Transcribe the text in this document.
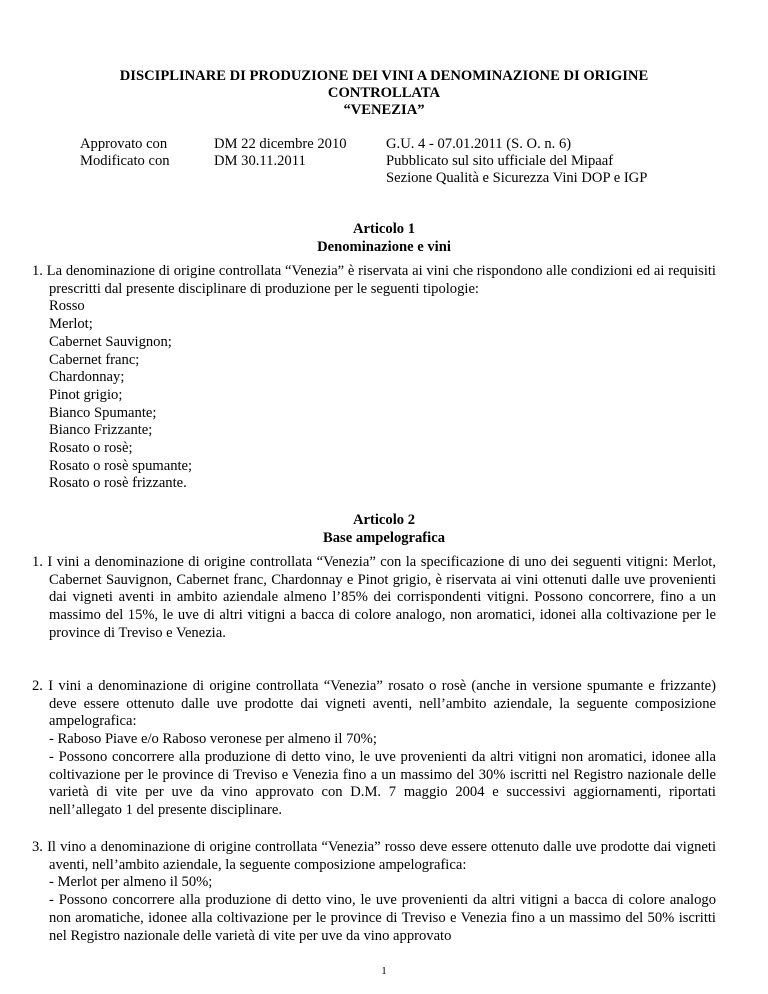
DISCIPLINARE DI PRODUZIONE DEI VINI A DENOMINAZIONE DI ORIGINE
CONTROLLATA
“VENEZIA”
Approvato con	DM 22 dicembre 2010	G.U. 4 - 07.01.2011 (S. O. n. 6)
Modificato con	DM 30.11.2011	Pubblicato sul sito ufficiale del Mipaaf
Sezione Qualità e Sicurezza Vini DOP e IGP
Articolo 1
Denominazione e vini
1. La denominazione di origine controllata “Venezia” è riservata ai vini che rispondono alle condizioni ed ai requisiti prescritti dal presente disciplinare di produzione per le seguenti tipologie:
Rosso
Merlot;
Cabernet Sauvignon;
Cabernet franc;
Chardonnay;
Pinot grigio;
Bianco Spumante;
Bianco Frizzante;
Rosato o rosè;
Rosato o rosè spumante;
Rosato o rosè frizzante.
Articolo 2
Base ampelografica
1. I vini a denominazione di origine controllata “Venezia” con la specificazione di uno dei seguenti vitigni: Merlot, Cabernet Sauvignon, Cabernet franc, Chardonnay e Pinot grigio, è riservata ai vini ottenuti dalle uve provenienti dai vigneti aventi in ambito aziendale almeno l’85% dei corrispondenti vitigni. Possono concorrere, fino a un massimo del 15%, le uve di altri vitigni a bacca di colore analogo, non aromatici, idonei alla coltivazione per le province di Treviso e Venezia.
2. I vini a denominazione di origine controllata “Venezia” rosato o rosè (anche in versione spumante e frizzante) deve essere ottenuto dalle uve prodotte dai vigneti aventi, nell’ambito aziendale, la seguente composizione ampelografica:
- Raboso Piave e/o Raboso veronese per almeno il 70%;
- Possono concorrere alla produzione di detto vino, le uve provenienti da altri vitigni non aromatici, idonee alla coltivazione per le province di Treviso e Venezia fino a un massimo del 30% iscritti nel Registro nazionale delle varietà di vite per uve da vino approvato con D.M. 7 maggio 2004 e successivi aggiornamenti, riportati nell’allegato 1 del presente disciplinare.
3. Il vino a denominazione di origine controllata “Venezia” rosso deve essere ottenuto dalle uve prodotte dai vigneti aventi, nell’ambito aziendale, la seguente composizione ampelografica:
- Merlot per almeno il 50%;
- Possono concorrere alla produzione di detto vino, le uve provenienti da altri vitigni a bacca di colore analogo non aromatiche, idonee alla coltivazione per le province di Treviso e Venezia fino a un massimo del 50% iscritti nel Registro nazionale delle varietà di vite per uve da vino approvato
1
